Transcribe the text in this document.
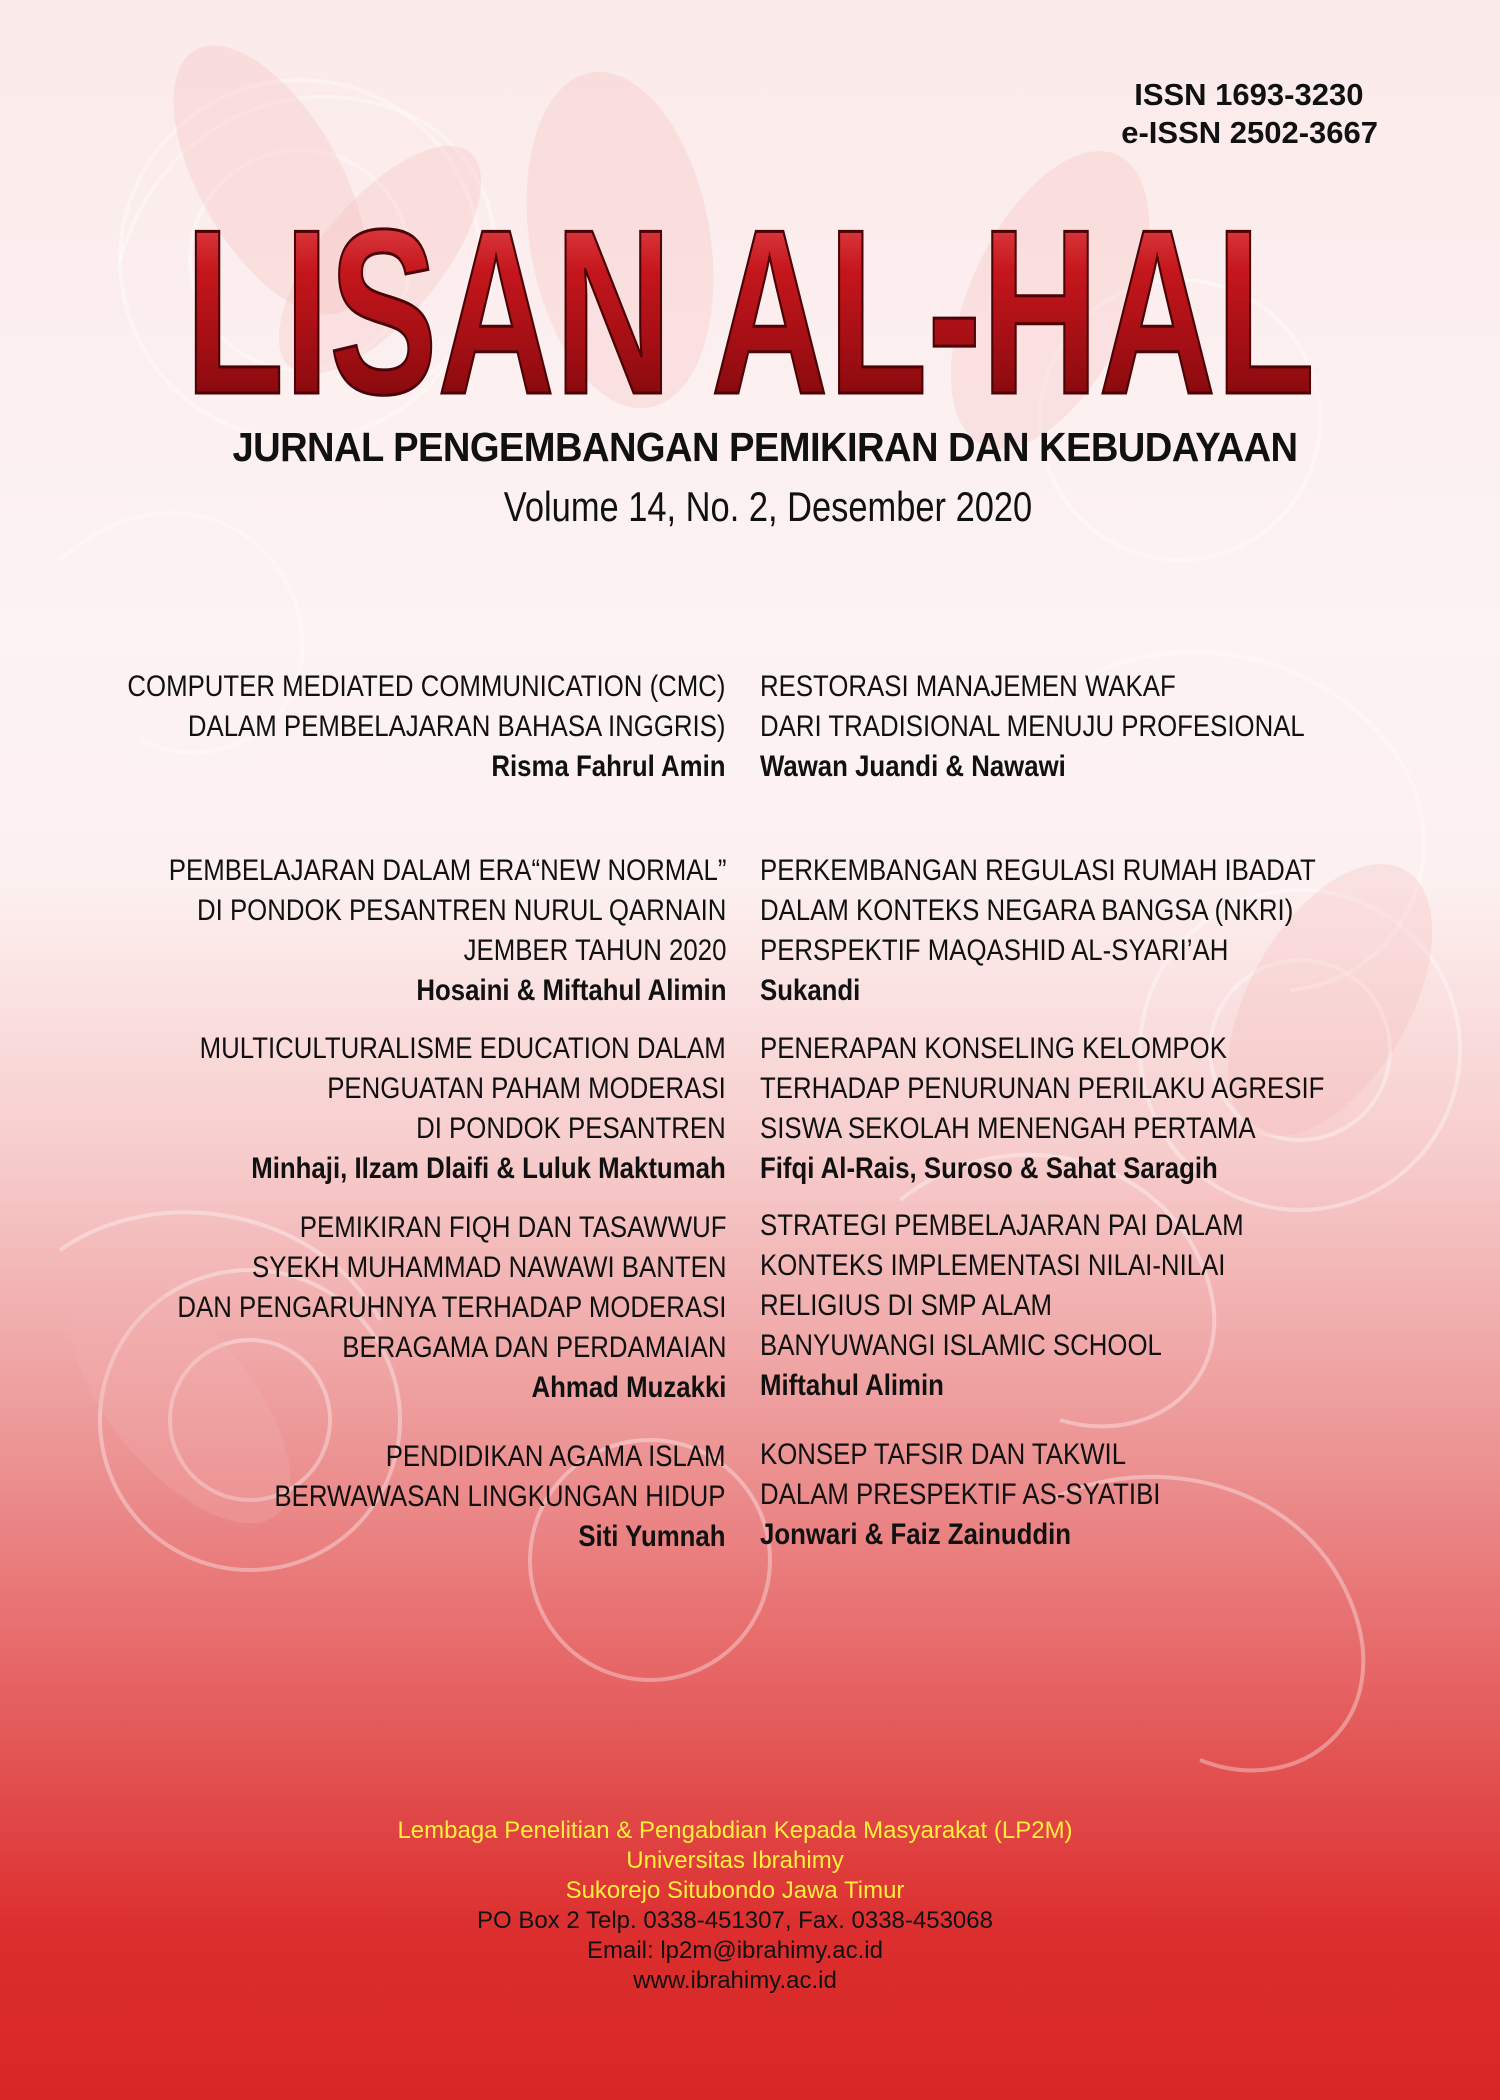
ISSN 1693-3230
e-ISSN 2502-3667
LISAN AL-HAL
JURNAL PENGEMBANGAN PEMIKIRAN DAN KEBUDAYAAN
Volume 14, No. 2, Desember 2020
COMPUTER MEDIATED COMMUNICATION (CMC)
DALAM PEMBELAJARAN BAHASA INGGRIS)
Risma Fahrul Amin
PEMBELAJARAN DALAM ERA“NEW NORMAL”
DI PONDOK PESANTREN NURUL QARNAIN
JEMBER TAHUN 2020
Hosaini & Miftahul Alimin
MULTICULTURALISME EDUCATION DALAM
PENGUATAN PAHAM MODERASI
DI PONDOK PESANTREN
Minhaji, Ilzam Dlaifi & Luluk Maktumah
PEMIKIRAN FIQH DAN TASAWWUF
SYEKH MUHAMMAD NAWAWI BANTEN
DAN PENGARUHNYA TERHADAP MODERASI
BERAGAMA DAN PERDAMAIAN
Ahmad Muzakki
PENDIDIKAN AGAMA ISLAM
BERWAWASAN LINGKUNGAN HIDUP
Siti Yumnah
RESTORASI MANAJEMEN WAKAF
DARI TRADISIONAL MENUJU PROFESIONAL
Wawan Juandi & Nawawi
PERKEMBANGAN REGULASI RUMAH IBADAT
DALAM KONTEKS NEGARA BANGSA (NKRI)
PERSPEKTIF MAQASHID AL-SYARI’AH
Sukandi
PENERAPAN KONSELING KELOMPOK
TERHADAP PENURUNAN PERILAKU AGRESIF
SISWA SEKOLAH MENENGAH PERTAMA
Fifqi Al-Rais, Suroso & Sahat Saragih
STRATEGI PEMBELAJARAN PAI DALAM
KONTEKS IMPLEMENTASI NILAI-NILAI
RELIGIUS DI SMP ALAM
BANYUWANGI ISLAMIC SCHOOL
Miftahul Alimin
KONSEP TAFSIR DAN TAKWIL
DALAM PRESPEKTIF AS-SYATIBI
Jonwari & Faiz Zainuddin
Lembaga Penelitian & Pengabdian Kepada Masyarakat (LP2M)
Universitas Ibrahimy
Sukorejo Situbondo Jawa Timur
PO Box 2 Telp. 0338-451307, Fax. 0338-453068
Email: lp2m@ibrahimy.ac.id
www.ibrahimy.ac.id
